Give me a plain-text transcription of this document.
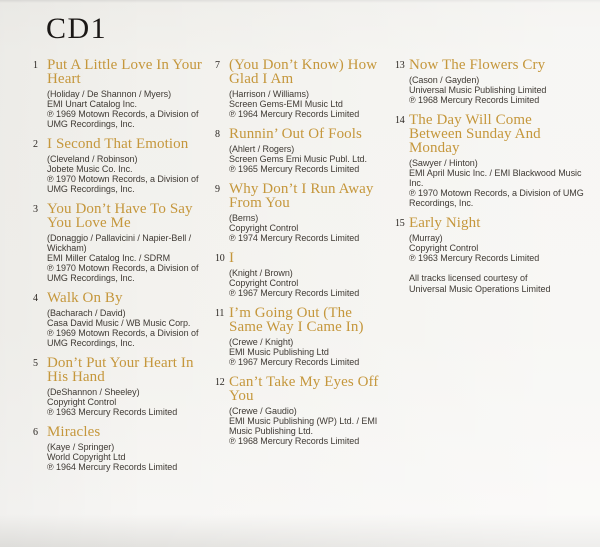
CD1
1 Put A Little Love In Your Heart
(Holiday / De Shannon / Myers)
EMI Unart Catalog Inc.
℗ 1969 Motown Records, a Division of UMG Recordings, Inc.
2 I Second That Emotion
(Cleveland / Robinson)
Jobete Music Co. Inc.
℗ 1970 Motown Records, a Division of UMG Recordings, Inc.
3 You Don’t Have To Say You Love Me
(Donaggio / Pallavicini / Napier-Bell / Wickham)
EMI Miller Catalog Inc. / SDRM
℗ 1970 Motown Records, a Division of UMG Recordings, Inc.
4 Walk On By
(Bacharach / David)
Casa David Music / WB Music Corp.
℗ 1969 Motown Records, a Division of UMG Recordings, Inc.
5 Don’t Put Your Heart In His Hand
(DeShannon / Sheeley)
Copyright Control
℗ 1963 Mercury Records Limited
6 Miracles
(Kaye / Springer)
World Copyright Ltd
℗ 1964 Mercury Records Limited
7 (You Don’t Know) How Glad I Am
(Harrison / Williams)
Screen Gems-EMI Music Ltd
℗ 1964 Mercury Records Limited
8 Runnin’ Out Of Fools
(Ahlert / Rogers)
Screen Gems Emi Music Publ. Ltd.
℗ 1965 Mercury Records Limited
9 Why Don’t I Run Away From You
(Berns)
Copyright Control
℗ 1974 Mercury Records Limited
10 I
(Knight / Brown)
Copyright Control
℗ 1967 Mercury Records Limited
11 I’m Going Out (The Same Way I Came In)
(Crewe / Knight)
EMI Music Publishing Ltd
℗ 1967 Mercury Records Limited
12 Can’t Take My Eyes Off You
(Crewe / Gaudio)
EMI Music Publishing (WP) Ltd. / EMI Music Publishing Ltd.
℗ 1968 Mercury Records Limited
13 Now The Flowers Cry
(Cason / Gayden)
Universal Music Publishing Limited
℗ 1968 Mercury Records Limited
14 The Day Will Come Between Sunday And Monday
(Sawyer / Hinton)
EMI April Music Inc. / EMI Blackwood Music Inc.
℗ 1970 Motown Records, a Division of UMG Recordings, Inc.
15 Early Night
(Murray)
Copyright Control
℗ 1963 Mercury Records Limited
All tracks licensed courtesy of Universal Music Operations Limited
